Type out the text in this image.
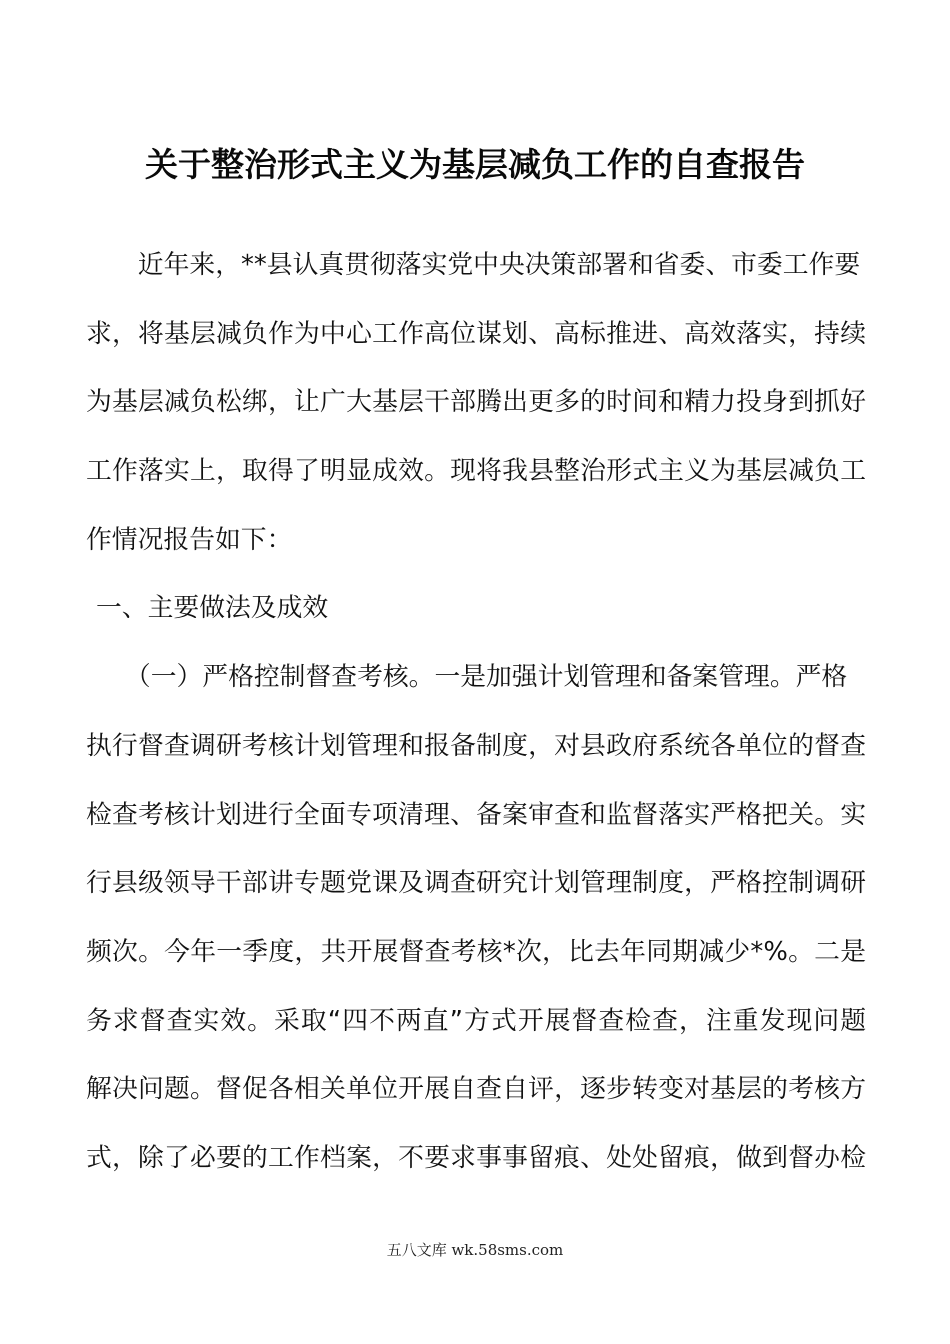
关于整治形式主义为基层减负工作的自查报告
　近年来，**县认真贯彻落实党中央决策部署和省委、市委工作要
求，将基层减负作为中心工作高位谋划、高标推进、高效落实，持续
为基层减负松绑，让广大基层干部腾出更多的时间和精力投身到抓好
工作落实上，取得了明显成效。现将我县整治形式主义为基层减负工
作情况报告如下：
一、主要做法及成效
　（一）严格控制督查考核。一是加强计划管理和备案管理。严格
执行督查调研考核计划管理和报备制度，对县政府系统各单位的督查
检查考核计划进行全面专项清理、备案审查和监督落实严格把关。实
行县级领导干部讲专题党课及调查研究计划管理制度，严格控制调研
频次。今年一季度，共开展督查考核*次，比去年同期减少*%。二是
务求督查实效。采取“四不两直”方式开展督查检查，注重发现问题
解决问题。督促各相关单位开展自查自评，逐步转变对基层的考核方
式，除了必要的工作档案，不要求事事留痕、处处留痕，做到督办检
五八文库 wk.58sms.com
